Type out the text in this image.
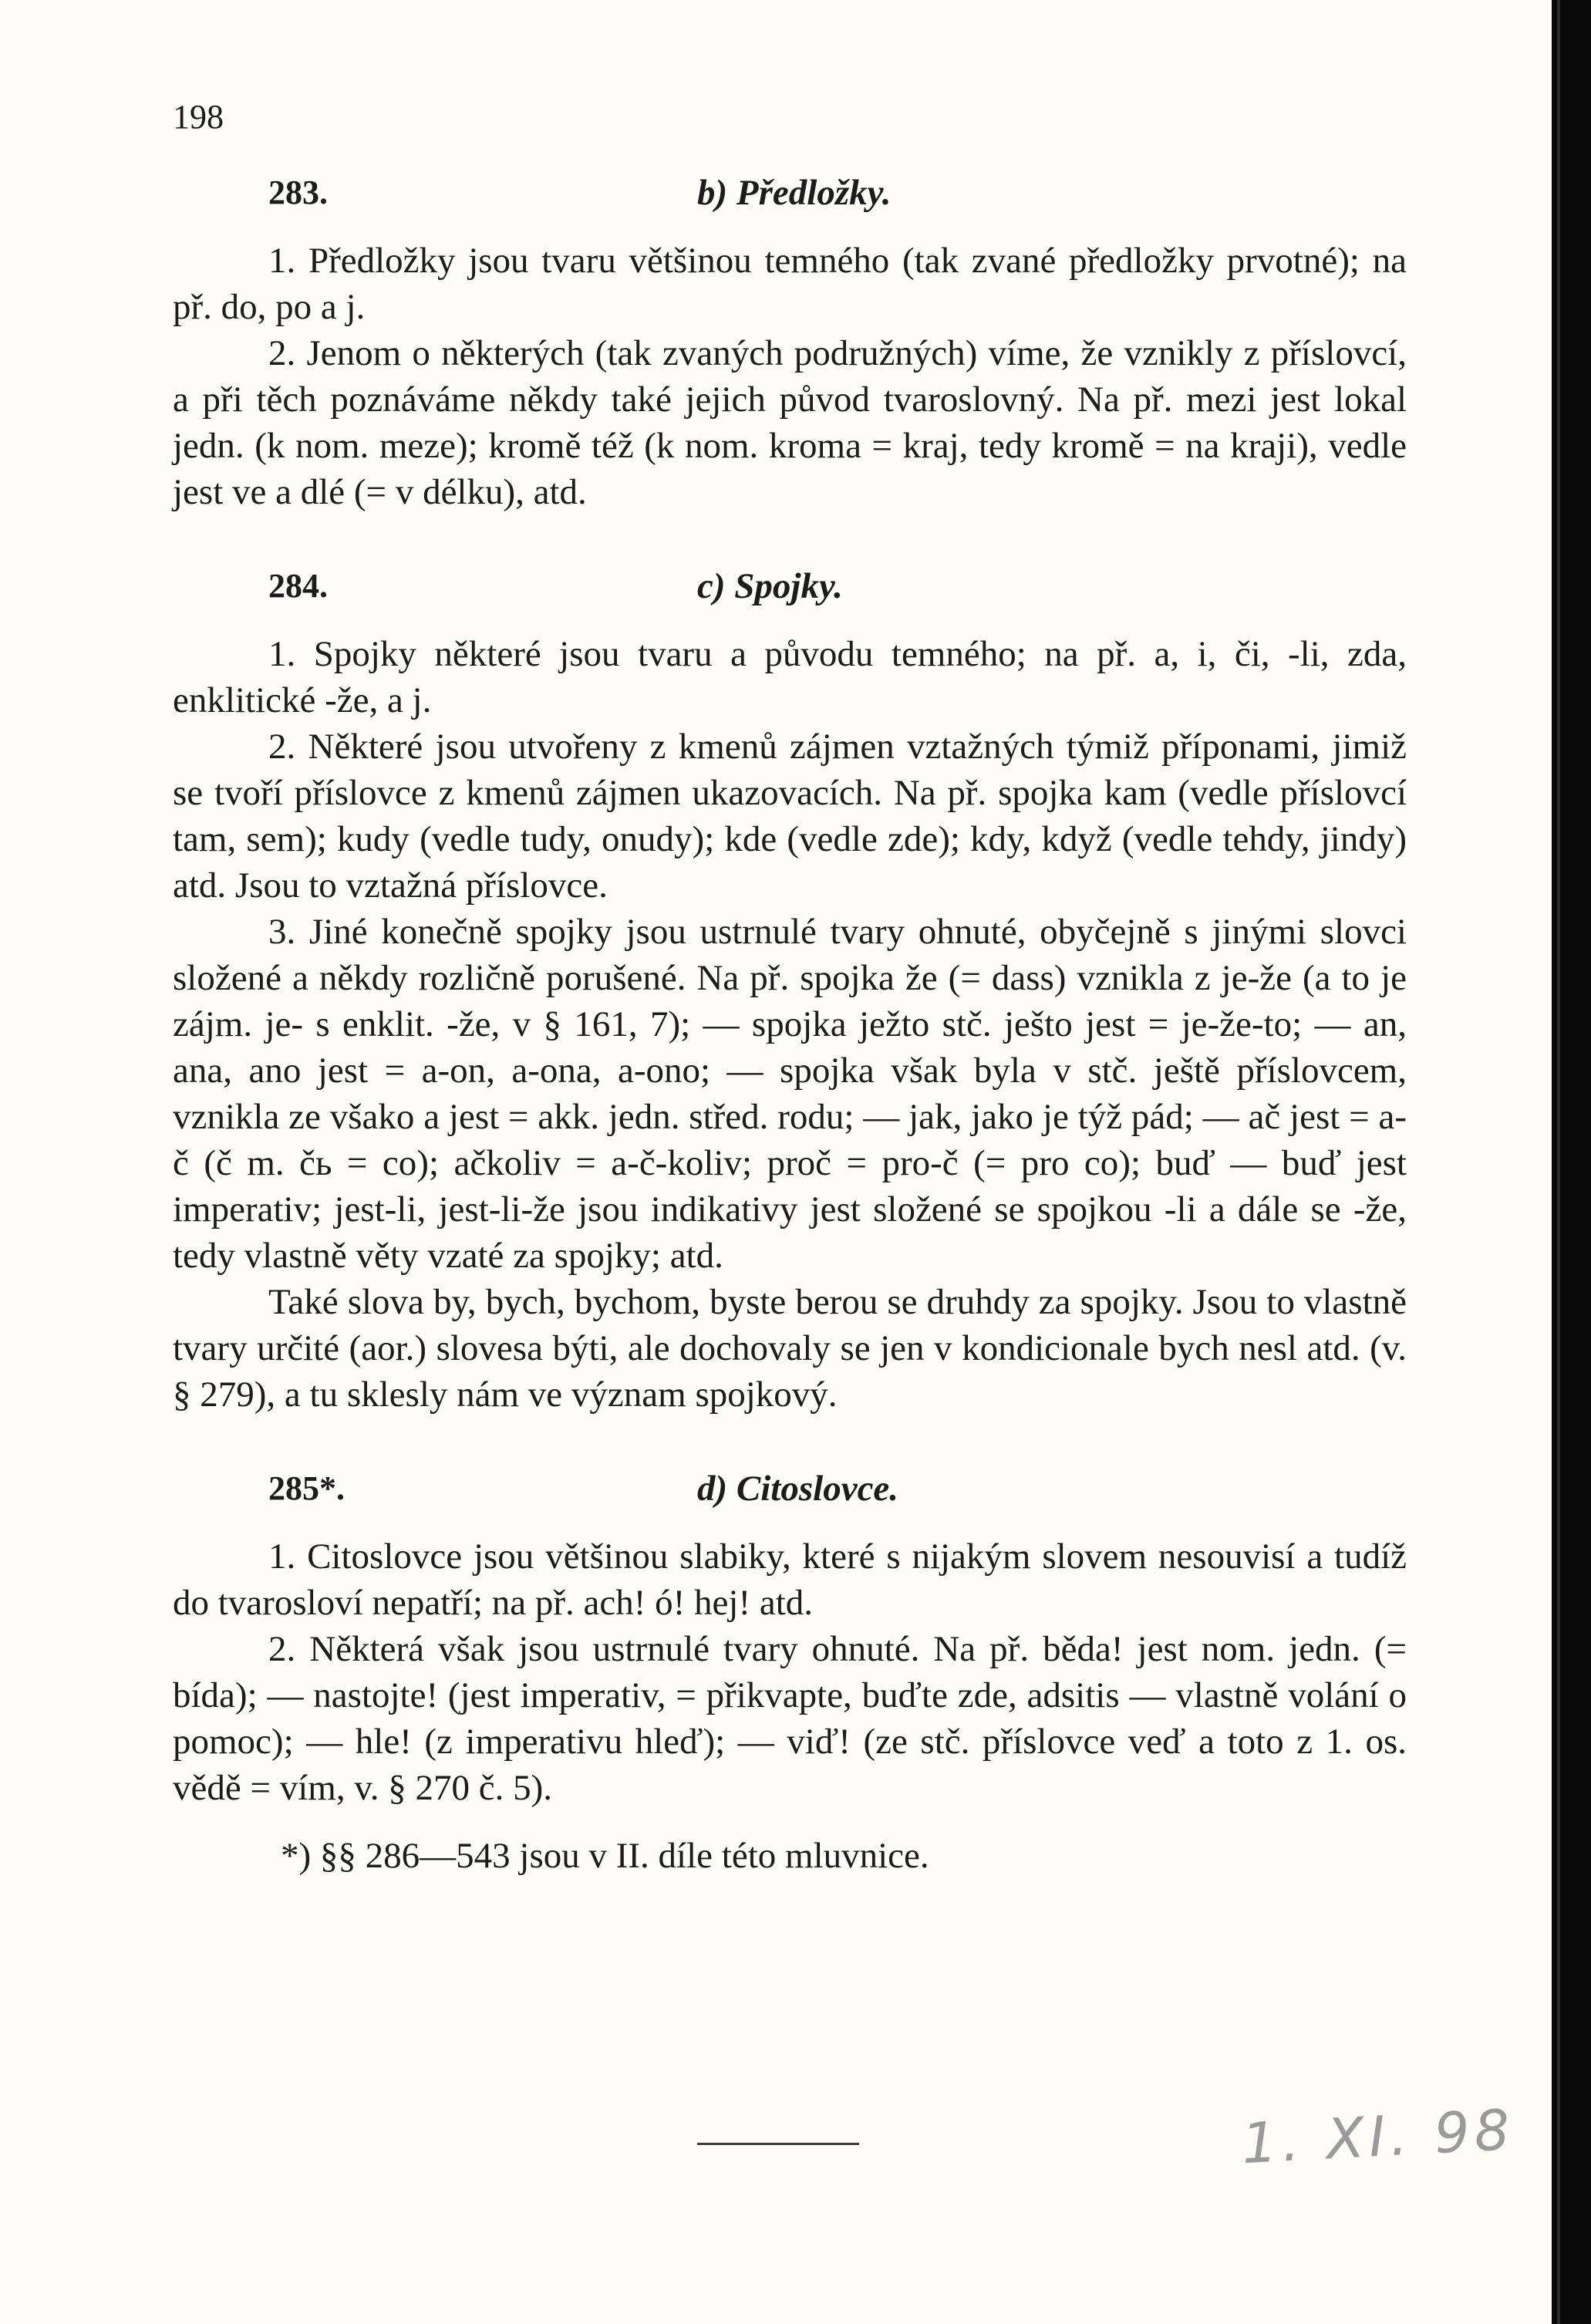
198
283.	b) Předložky.

1. Předložky jsou tvaru většinou temného (tak zvané předložky prvotné); na př. do, po a j.

2. Jenom o některých (tak zvaných podružných) víme, že vznikly z příslovcí, a při těch poznáváme někdy také jejich původ tvaroslovný. Na př. mezi jest lokal jedn. (k nom. meze); kromě též (k nom. kroma = kraj, tedy kromě = na kraji), vedle jest ve a dlé (= v délku), atd.

284.	c) Spojky.

1. Spojky některé jsou tvaru a původu temného; na př. a, i, či, -li, zda, enklitické -že, a j.

2. Některé jsou utvořeny z kmenů zájmen vztažných týmiž příponami, jimiž se tvoří příslovce z kmenů zájmen ukazovacích. Na př. spojka kam (vedle příslovcí tam, sem); kudy (vedle tudy, onudy); kde (vedle zde); kdy, když (vedle tehdy, jindy) atd. Jsou to vztažná příslovce.

3. Jiné konečně spojky jsou ustrnulé tvary ohnuté, obyčejně s jinými slovci složené a někdy rozličně porušené. Na př. spojka že (= dass) vznikla z je-že (a to je zájm. je- s enklit. -že, v § 161, 7); — spojka ježto stč. ješto jest = je-že-to; — an, ana, ano jest = a-on, a-ona, a-ono; — spojka však byla v stč. ještě příslovcem, vznikla ze všako a jest = akk. jedn. střed. rodu; — jak, jako je týž pád; — ač jest = a-č (č m. čь = co); ačkoliv = a-č-koliv; proč = pro-č (= pro co); buď — buď jest imperativ; jest-li, jest-li-že jsou indikativy jest složené se spojkou -li a dále se -že, tedy vlastně věty vzaté za spojky; atd.

Také slova by, bych, bychom, byste berou se druhdy za spojky. Jsou to vlastně tvary určité (aor.) slovesa býti, ale dochovaly se jen v kondicionale bych nesl atd. (v. § 279), a tu sklesly nám ve význam spojkový.

285*.	d) Citoslovce.

1. Citoslovce jsou většinou slabiky, které s nijakým slovem nesouvisí a tudíž do tvarosloví nepatří; na př. ach! ó! hej! atd.

2. Některá však jsou ustrnulé tvary ohnuté. Na př. běda! jest nom. jedn. (= bída); — nastojte! (jest imperativ, = přikvapte, buďte zde, adsitis — vlastně volání o pomoc); — hle! (z imperativu hleď); — viď! (ze stč. příslovce veď a toto z 1. os. vědě = vím, v. § 270 č. 5).

*) §§ 286—543 jsou v II. díle této mluvnice.
1. XI. 98
